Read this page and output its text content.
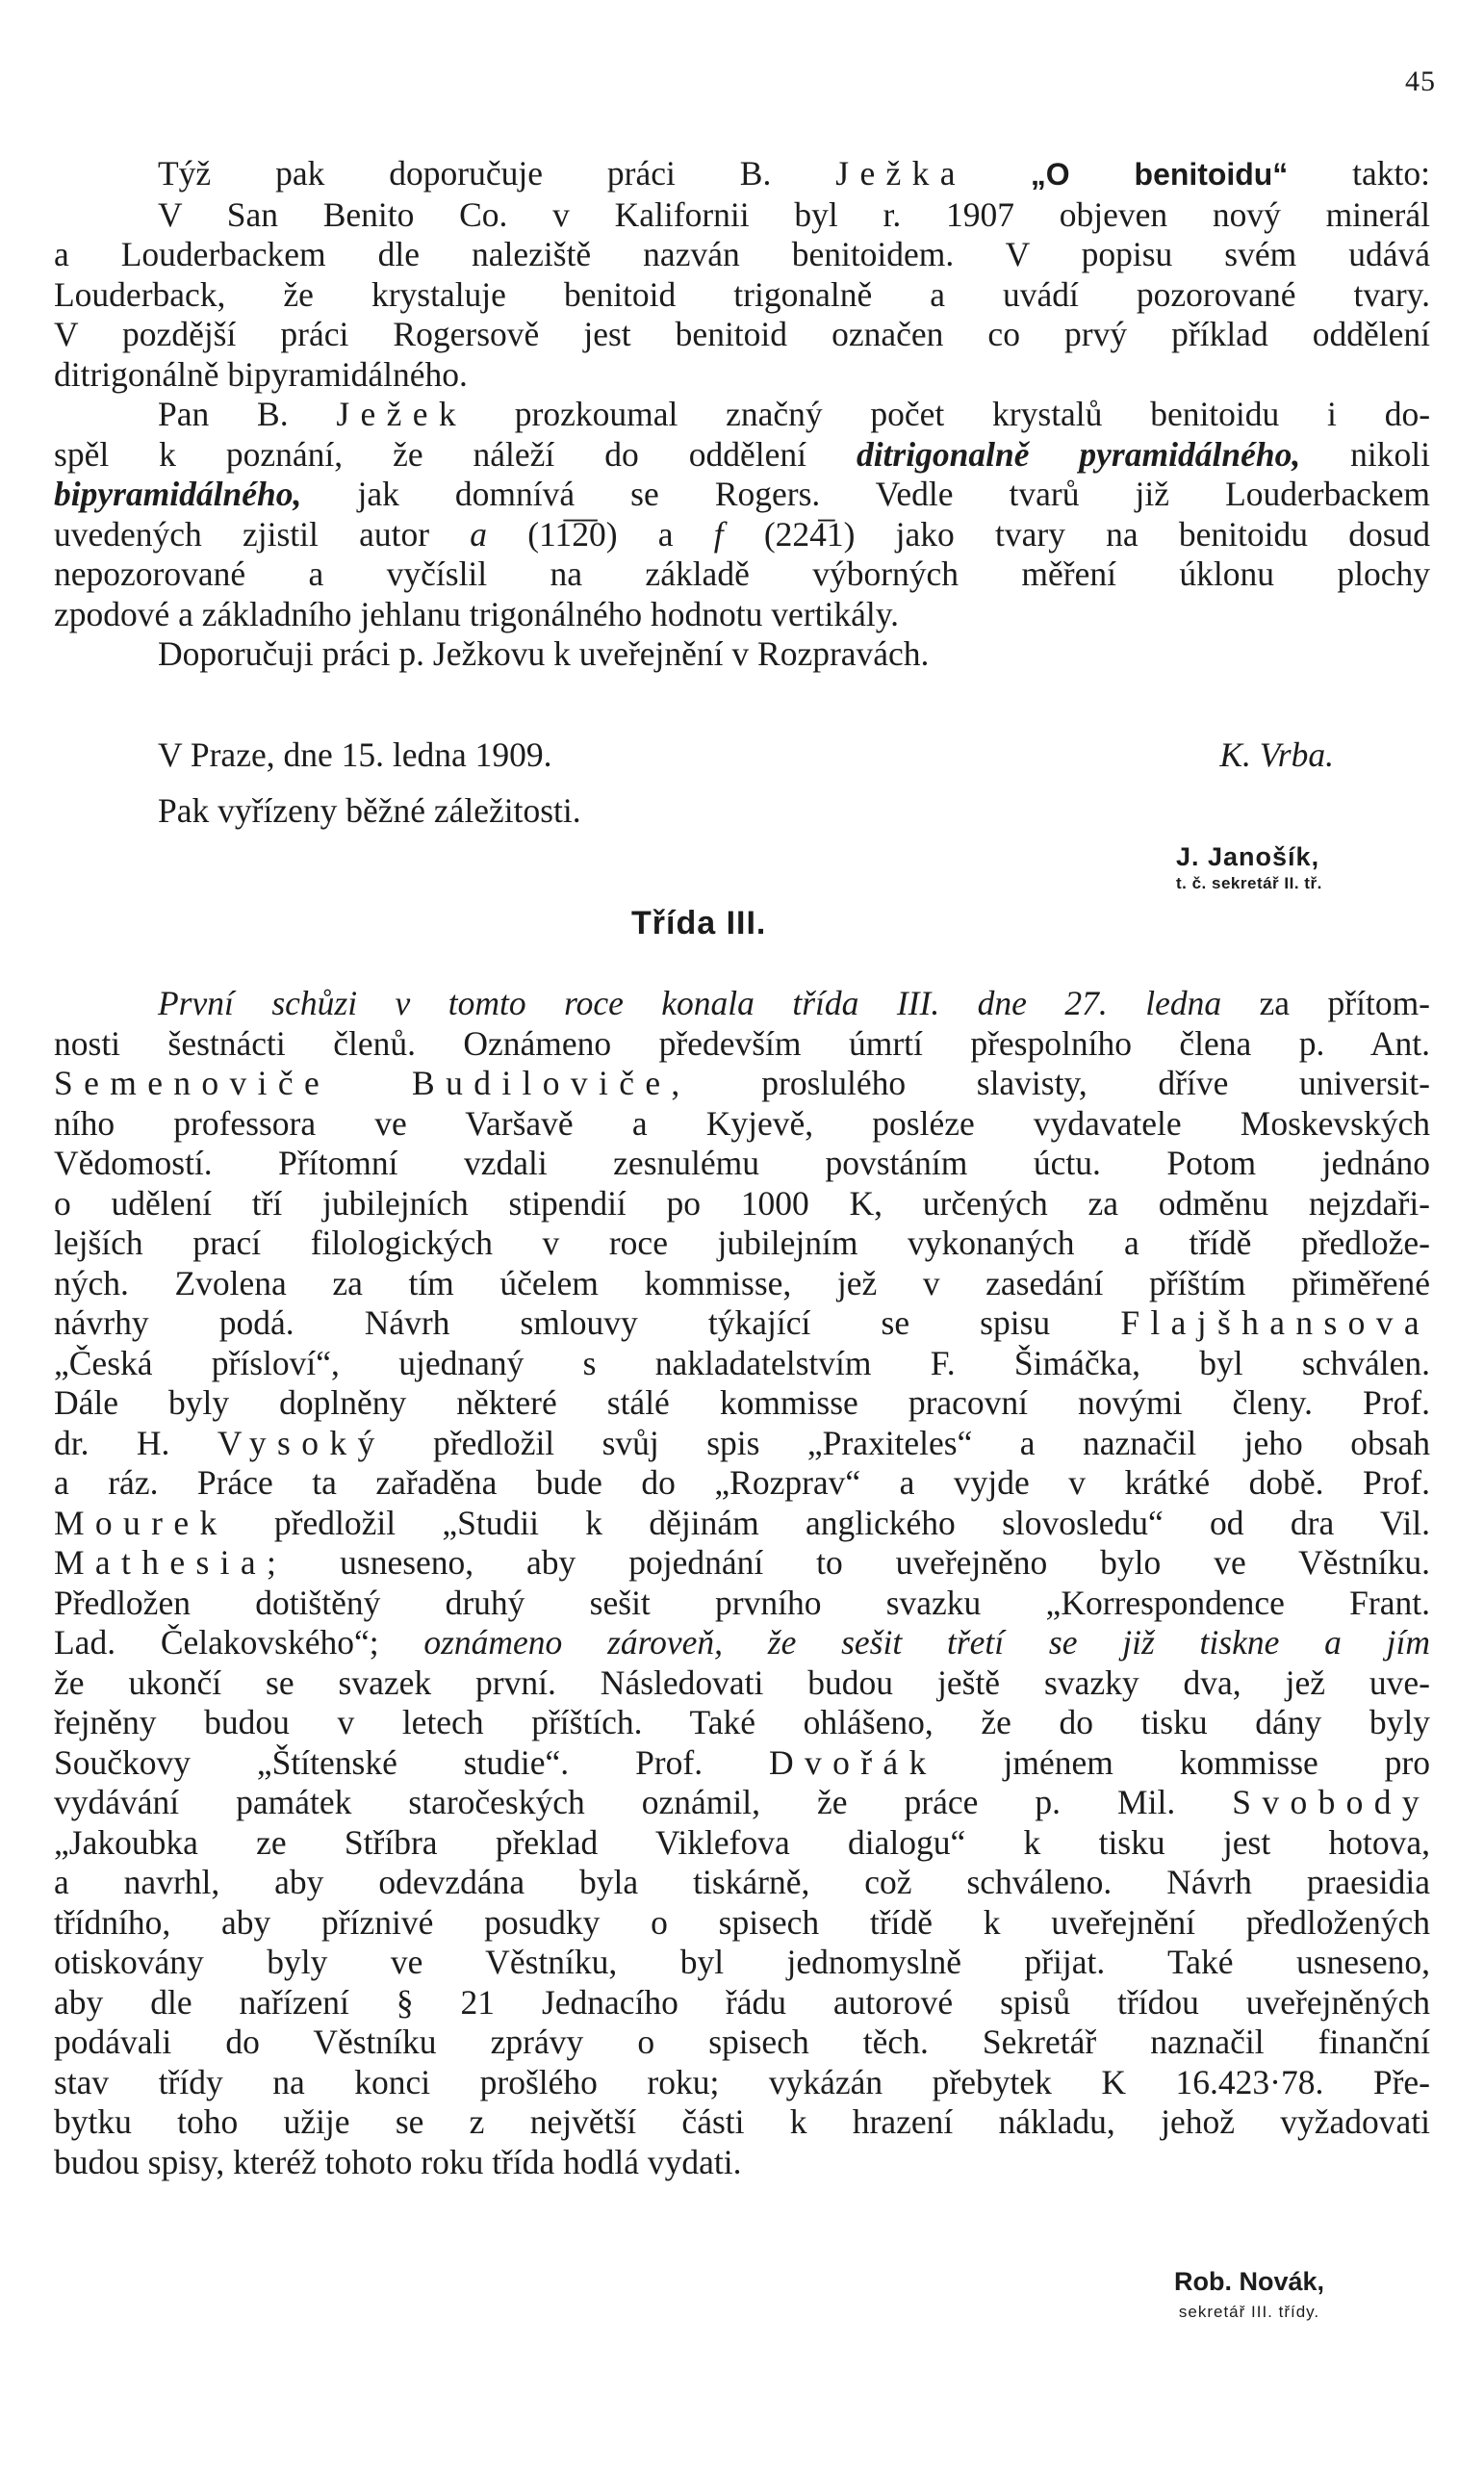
45
Týž pak doporučuje práci B. Ježka „O benitoidu“ takto:
V San Benito Co. v Kalifornii byl r. 1907 objeven nový minerál
a Louderbackem dle naleziště nazván benitoidem. V popisu svém udává
Louderback, že krystaluje benitoid trigonalně a uvádí pozorované tvary.
V pozdější práci Rogersově jest benitoid označen co prvý příklad oddělení
ditrigonálně bipyramidálného.
Pan B. Ježek prozkoumal značný počet krystalů benitoidu i do-
spěl k poznání, že náleží do oddělení ditrigonalně pyramidálného, nikoli
bipyramidálného, jak domnívá se Rogers. Vedle tvarů již Louderbackem
uvedených zjistil autor a (11̅2̅0) a f (224̅1) jako tvary na benitoidu dosud
nepozorované a vyčíslil na základě výborných měření úklonu plochy
zpodové a základního jehlanu trigonálného hodnotu vertikály.
Doporučuji práci p. Ježkovu k uveřejnění v Rozpravách.
V Praze, dne 15. ledna 1909.	K. Vrba.
Pak vyřízeny běžné záležitosti.
J. Janošík,
t. č. sekretář II. tř.
Třída III.
První schůzi v tomto roce konala třída III. dne 27. ledna za přítom-
nosti šestnácti členů. Oznámeno především úmrtí přespolního člena p. Ant.
Semenoviče Budiloviče, proslulého slavisty, dříve universit-
ního professora ve Varšavě a Kyjevě, posléze vydavatele Moskevských
Vědomostí. Přítomní vzdali zesnulému povstáním úctu. Potom jednáno
o udělení tří jubilejních stipendií po 1000 K, určených za odměnu nejzdaři-
lejších prací filologických v roce jubilejním vykonaných a třídě předlože-
ných. Zvolena za tím účelem kommisse, jež v zasedání příštím přiměřené
návrhy podá. Návrh smlouvy týkající se spisu Flajšhansova
„Česká přísloví“, ujednaný s nakladatelstvím F. Šimáčka, byl schválen.
Dále byly doplněny některé stálé kommisse pracovní novými členy. Prof.
dr. H. Vysoký předložil svůj spis „Praxiteles“ a naznačil jeho obsah
a ráz. Práce ta zařaděna bude do „Rozprav“ a vyjde v krátké době. Prof.
Mourek předložil „Studii k dějinám anglického slovosledu“ od dra Vil.
Mathesia; usneseno, aby pojednání to uveřejněno bylo ve Věstníku.
Předložen dotištěný druhý sešit prvního svazku „Korrespondence Frant.
Lad. Čelakovského“; oznámeno zároveň, že sešit třetí se již tiskne a jím
že ukončí se svazek první. Následovati budou ještě svazky dva, jež uve-
řejněny budou v letech příštích. Také ohlášeno, že do tisku dány byly
Součkovy „Štítenské studie“. Prof. Dvořák jménem kommisse pro
vydávání památek staročeských oznámil, že práce p. Mil. Svobody
„Jakoubka ze Stříbra překlad Viklefova dialogu“ k tisku jest hotova,
a navrhl, aby odevzdána byla tiskárně, což schváleno. Návrh praesidia
třídního, aby příznivé posudky o spisech třídě k uveřejnění předložených
otiskovány byly ve Věstníku, byl jednomyslně přijat. Také usneseno,
aby dle nařízení § 21 Jednacího řádu autorové spisů třídou uveřejněných
podávali do Věstníku zprávy o spisech těch. Sekretář naznačil finanční
stav třídy na konci prošlého roku; vykázán přebytek K 16.423·78. Pře-
bytku toho užije se z největší části k hrazení nákladu, jehož vyžadovati
budou spisy, kteréž tohoto roku třída hodlá vydati.
Rob. Novák,
sekretář III. třídy.
